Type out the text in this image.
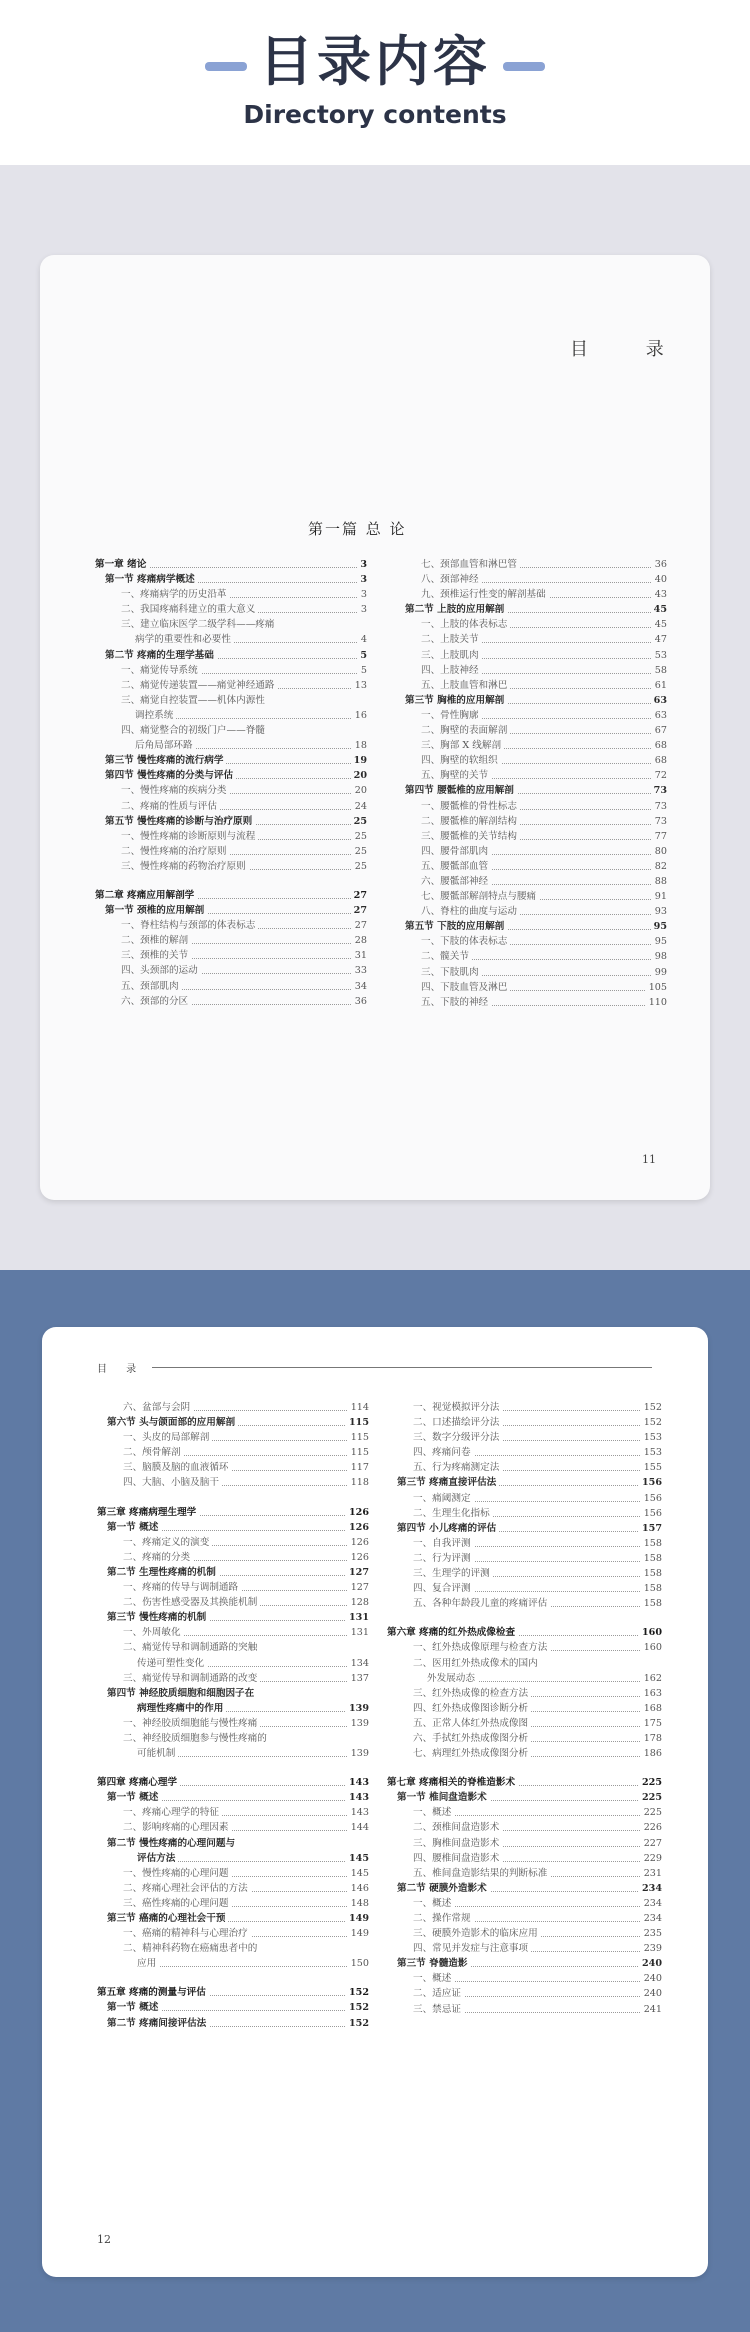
目录内容
Directory contents
目 录
第一篇 总 论
第一章 绪论	3
第一节 疼痛病学概述	3
一、疼痛病学的历史沿革	3
二、我国疼痛科建立的重大意义	3
三、建立临床医学二级学科——疼痛
病学的重要性和必要性	4
第二节 疼痛的生理学基础	5
一、痛觉传导系统	5
二、痛觉传递装置——痛觉神经通路	13
三、痛觉自控装置——机体内源性
调控系统	16
四、痛觉整合的初级门户——脊髓
后角局部环路	18
第三节 慢性疼痛的流行病学	19
第四节 慢性疼痛的分类与评估	20
一、慢性疼痛的疾病分类	20
二、疼痛的性质与评估	24
第五节 慢性疼痛的诊断与治疗原则	25
一、慢性疼痛的诊断原则与流程	25
二、慢性疼痛的治疗原则	25
三、慢性疼痛的药物治疗原则	25
第二章 疼痛应用解剖学	27
第一节 颈椎的应用解剖	27
一、脊柱结构与颈部的体表标志	27
二、颈椎的解剖	28
三、颈椎的关节	31
四、头颈部的运动	33
五、颈部肌肉	34
六、颈部的分区	36
七、颈部血管和淋巴管	36
八、颈部神经	40
九、颈椎运行性变的解剖基础	43
第二节 上肢的应用解剖	45
一、上肢的体表标志	45
二、上肢关节	47
三、上肢肌肉	53
四、上肢神经	58
五、上肢血管和淋巴	61
第三节 胸椎的应用解剖	63
一、骨性胸廓	63
二、胸壁的表面解剖	67
三、胸部 X 线解剖	68
四、胸壁的软组织	68
五、胸壁的关节	72
第四节 腰骶椎的应用解剖	73
一、腰骶椎的骨性标志	73
二、腰骶椎的解剖结构	73
三、腰骶椎的关节结构	77
四、腰骨部肌肉	80
五、腰骶部血管	82
六、腰骶部神经	88
七、腰骶部解剖特点与腰痛	91
八、脊柱的曲度与运动	93
第五节 下肢的应用解剖	95
一、下肢的体表标志	95
二、髋关节	98
三、下肢肌肉	99
四、下肢血管及淋巴	105
五、下肢的神经	110
11
目 录
六、盆部与会阴	114
第六节 头与颌面部的应用解剖	115
一、头皮的局部解剖	115
二、颅骨解剖	115
三、脑膜及脑的血液循环	117
四、大脑、小脑及脑干	118
第三章 疼痛病理生理学	126
第一节 概述	126
一、疼痛定义的演变	126
二、疼痛的分类	126
第二节 生理性疼痛的机制	127
一、疼痛的传导与调制通路	127
二、伤害性感受器及其换能机制	128
第三节 慢性疼痛的机制	131
一、外周敏化	131
二、痛觉传导和调制通路的突触
传递可塑性变化	134
三、痛觉传导和调制通路的改变	137
第四节 神经胶质细胞和细胞因子在
病理性疼痛中的作用	139
一、神经胶质细胞能与慢性疼痛	139
二、神经胶质细胞参与慢性疼痛的
可能机制	139
第四章 疼痛心理学	143
第一节 概述	143
一、疼痛心理学的特征	143
二、影响疼痛的心理因素	144
第二节 慢性疼痛的心理问题与
评估方法	145
一、慢性疼痛的心理问题	145
二、疼痛心理社会评估的方法	146
三、癌性疼痛的心理问题	148
第三节 癌痛的心理社会干预	149
一、癌痛的精神科与心理治疗	149
二、精神科药物在癌痛患者中的
应用	150
第五章 疼痛的测量与评估	152
第一节 概述	152
第二节 疼痛间接评估法	152
一、视觉模拟评分法	152
二、口述描绘评分法	152
三、数字分级评分法	153
四、疼痛问卷	153
五、行为疼痛测定法	155
第三节 疼痛直接评估法	156
一、痛阈测定	156
二、生理生化指标	156
第四节 小儿疼痛的评估	157
一、自我评测	158
二、行为评测	158
三、生理学的评测	158
四、复合评测	158
五、各种年龄段儿童的疼痛评估	158
第六章 疼痛的红外热成像检查	160
一、红外热成像原理与检查方法	160
二、医用红外热成像术的国内
外发展动态	162
三、红外热成像的检查方法	163
四、红外热成像图诊断分析	168
五、正常人体红外热成像图	175
六、手拭红外热成像图分析	178
七、病理红外热成像图分析	186
第七章 疼痛相关的脊椎造影术	225
第一节 椎间盘造影术	225
一、概述	225
二、颈椎间盘造影术	226
三、胸椎间盘造影术	227
四、腰椎间盘造影术	229
五、椎间盘造影结果的判断标准	231
第二节 硬膜外造影术	234
一、概述	234
二、操作常规	234
三、硬膜外造影术的临床应用	235
四、常见并发症与注意事项	239
第三节 脊髓造影	240
一、概述	240
二、适应证	240
三、禁忌证	241
12
